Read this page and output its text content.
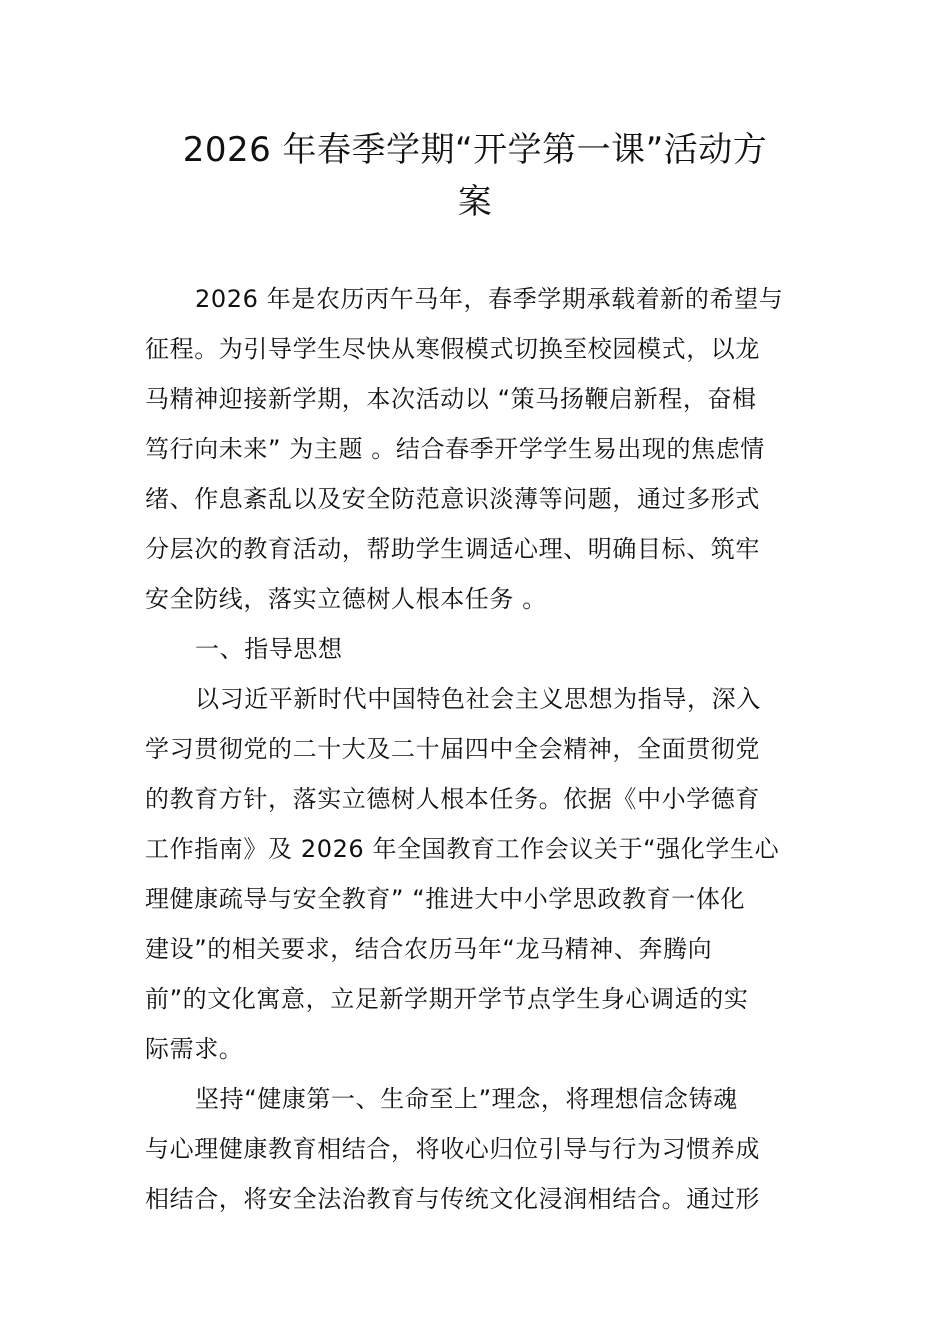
2026 年春季学期“开学第一课”活动方
案
2026 年是农历丙午马年，春季学期承载着新的希望与
征程。为引导学生尽快从寒假模式切换至校园模式，以龙
马精神迎接新学期，本次活动以 “策马扬鞭启新程，奋楫
笃行向未来” 为主题 。结合春季开学学生易出现的焦虑情
绪、作息紊乱以及安全防范意识淡薄等问题，通过多形式
分层次的教育活动，帮助学生调适心理、明确目标、筑牢
安全防线，落实立德树人根本任务 。
一、指导思想
以习近平新时代中国特色社会主义思想为指导，深入
学习贯彻党的二十大及二十届四中全会精神，全面贯彻党
的教育方针，落实立德树人根本任务。依据《中小学德育
工作指南》及 2026 年全国教育工作会议关于“强化学生心
理健康疏导与安全教育” “推进大中小学思政教育一体化
建设”的相关要求，结合农历马年“龙马精神、奔腾向
前”的文化寓意，立足新学期开学节点学生身心调适的实
际需求。
坚持“健康第一、生命至上”理念，将理想信念铸魂
与心理健康教育相结合，将收心归位引导与行为习惯养成
相结合，将安全法治教育与传统文化浸润相结合。通过形
